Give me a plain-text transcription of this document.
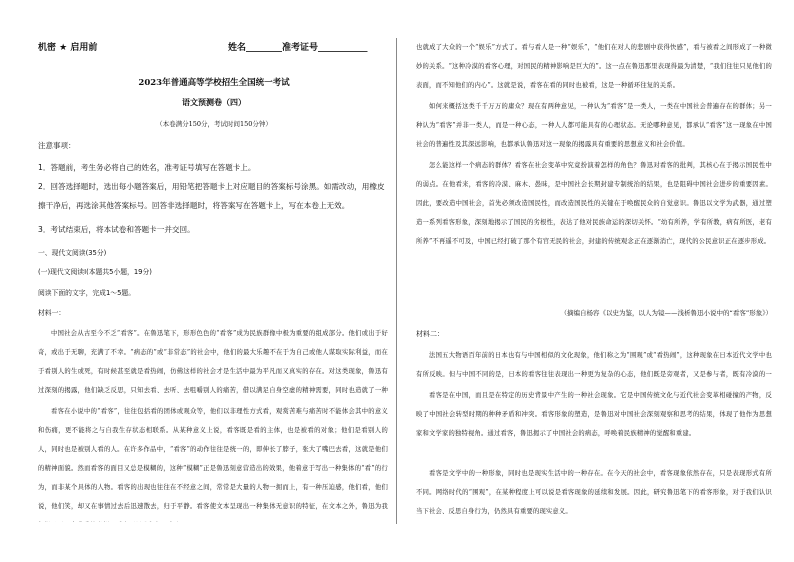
机密 ★ 启用前	姓名________准考证号___________
2023年普通高等学校招生全国统一考试
语文预测卷（四）
（本卷满分150分，考试时间150分钟）
注意事项：
1．答题前，考生务必将自己的姓名，准考证号填写在答题卡上。
2．回答选择题时，选出每小题答案后，用铅笔把答题卡上对应题目的答案标号涂黑。如需改动，用橡皮擦干净后，再选涂其他答案标号。回答非选择题时，将答案写在答题卡上，写在本卷上无效。
3．考试结束后，将本试卷和答题卡一并交回。
一、现代文阅读(35分)
(一)现代文阅读Ⅰ(本题共5小题，19分)
阅读下面的文字，完成1～5题。
材料一：
中国社会从古至今不乏“看客”。在鲁迅笔下，形形色色的“看客”成为民族群像中极为重要的组成部分。他们或出于好奇，或出于无聊，充满了不幸。“病态的”或“非常态”的社会中，他们的最大乐趣不在于为自己或他人谋取实际利益，而在于看别人的生或死，有时候甚至就是看热闹，仿佛这样的社会才是生活中最为平凡而又真实的存在。对这类现象，鲁迅有过深刻的揭露，他们缺乏反思，只知去看、去听、去咀嚼别人的痛苦，借以满足自身空虚的精神需要，同时也造就了一种
看客在小说中的“看客”，往往包括看的团体或观众等，他们以非理性方式看，观赏苦难与痛苦时不能体会其中的意义和伤痛，更不能将之与自我生存状态相联系。从某种意义上说，看客既是看的主体，也是被看的对象；他们是看别人的人，同时也是被别人看的人。在许多作品中，“看客”的动作往往是统一的，即伸长了脖子，张大了嘴巴去看，这就是他们的精神面貌。然而看客的面目又总是模糊的，这种“模糊”正是鲁迅刻意营造出的效果，他着意于写出一种集体的“看”的行为，而非某个具体的人物。看客的出现也往往在不经意之间，常常是大量的人物一拥而上，有一种压迫感，他们看，他们说，他们笑，却又在事情过去后迅速散去，归于平静。看客使文本呈现出一种集体无意识的特征，在文本之外，鲁迅为我
也就成了大众的一个“娱乐”方式了。看与看人是一种“娱乐”，“他们在对人的悲剧中获得快感”，看与被看之间形成了一种微妙的关系。“这种冷漠的看客心理，对国民的精神影响是巨大的”。这一点在鲁迅那里表现得最为清楚，“我们往往只见他们的表面，而不知他们的内心”。这就是说，看客在看的同时也被看，这是一种循环往复的关系。
如何来概括这类千千万万的庸众？现在有两种意见，一种认为“看客”是一类人，一类在中国社会普遍存在的群体；另一种认为“看客”并非一类人，而是一种心态，一种人人都可能具有的心理状态。无论哪种意见，都承认“看客”这一现象在中国社会的普遍性及其深远影响，也都承认鲁迅对这一现象的揭露具有重要的思想意义和社会价值。
怎么能这样一个病态的群体？看客在社会变革中究竟扮演着怎样的角色？鲁迅对看客的批判，其核心在于揭示国民性中的弱点。在他看来，看客的冷漠、麻木、愚昧，是中国社会长期封建专制统治的结果，也是阻碍中国社会进步的重要因素。因此，要改造中国社会，首先必须改造国民性，而改造国民性的关键在于唤醒民众的自觉意识。鲁迅以文学为武器，通过塑造一系列看客形象，深刻地揭示了国民的劣根性，表达了他对民族命运的深切关怀。“幼有所养，学有所教，病有所医，老有所养”不再遥不可及，中国已经打破了那个有官无民的社会，封建的传统观念正在逐渐消亡，现代的公民意识正在逐步形成。
（摘编自杨容《以史为鉴，以人为镜——浅析鲁迅小说中的“看客”形象》）
材料二：
法国五大物语百年前的日本也有与中国相似的文化现象，他们称之为“围观”或“看热闹”，这种现象在日本近代文学中也有所反映。但与中国不同的是，日本的看客往往表现出一种更为复杂的心态，他们既是旁观者，又是参与者，既有冷漠的一
看客是在中国，而且是在特定的历史背景中产生的一种社会现象。它是中国传统文化与近代社会变革相碰撞的产物，反映了中国社会转型时期的种种矛盾和冲突。看客形象的塑造，是鲁迅对中国社会深刻观察和思考的结果，体现了他作为思想家和文学家的独特视角。通过看客，鲁迅揭示了中国社会的病态，呼唤着民族精神的觉醒和重建。
看客是文学中的一种形象，同时也是现实生活中的一种存在。在今天的社会中，看客现象依然存在，只是表现形式有所不同。网络时代的“围观”，在某种程度上可以说是看客现象的延续和发展。因此，研究鲁迅笔下的看客形象，对于我们认识当下社会、反思自身行为，仍然具有重要的现实意义。
